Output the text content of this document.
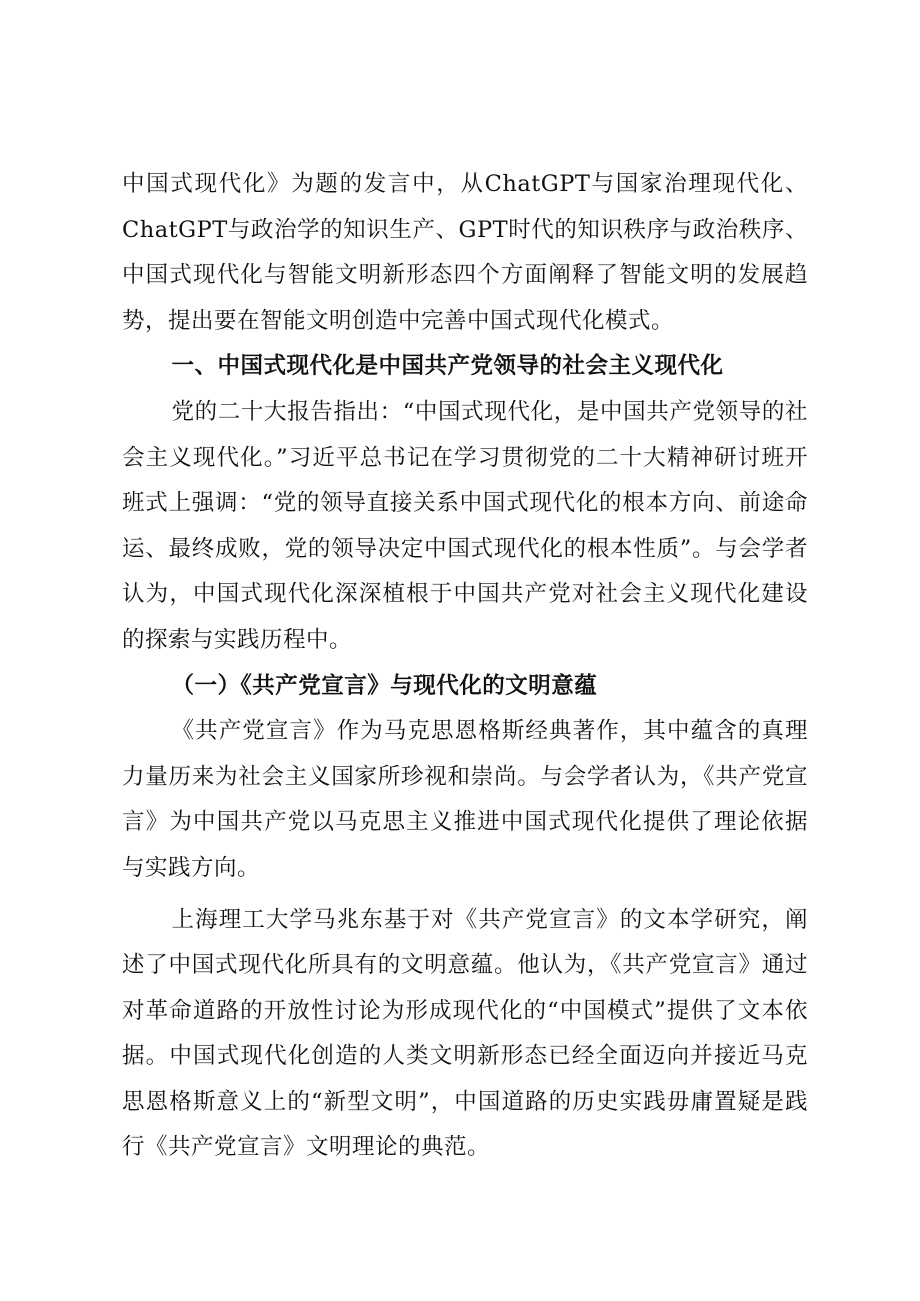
中国式现代化》为题的发言中，从ChatGPT与国家治理现代化、ChatGPT与政治学的知识生产、GPT时代的知识秩序与政治秩序、中国式现代化与智能文明新形态四个方面阐释了智能文明的发展趋势，提出要在智能文明创造中完善中国式现代化模式。

一、中国式现代化是中国共产党领导的社会主义现代化

党的二十大报告指出：“中国式现代化，是中国共产党领导的社会主义现代化。”习近平总书记在学习贯彻党的二十大精神研讨班开班式上强调：“党的领导直接关系中国式现代化的根本方向、前途命运、最终成败，党的领导决定中国式现代化的根本性质”。与会学者认为，中国式现代化深深植根于中国共产党对社会主义现代化建设的探索与实践历程中。

（一）《共产党宣言》与现代化的文明意蕴

《共产党宣言》作为马克思恩格斯经典著作，其中蕴含的真理力量历来为社会主义国家所珍视和崇尚。与会学者认为，《共产党宣言》为中国共产党以马克思主义推进中国式现代化提供了理论依据与实践方向。

上海理工大学马兆东基于对《共产党宣言》的文本学研究，阐述了中国式现代化所具有的文明意蕴。他认为，《共产党宣言》通过对革命道路的开放性讨论为形成现代化的“中国模式”提供了文本依据。中国式现代化创造的人类文明新形态已经全面迈向并接近马克思恩格斯意义上的“新型文明”，中国道路的历史实践毋庸置疑是践行《共产党宣言》文明理论的典范。
